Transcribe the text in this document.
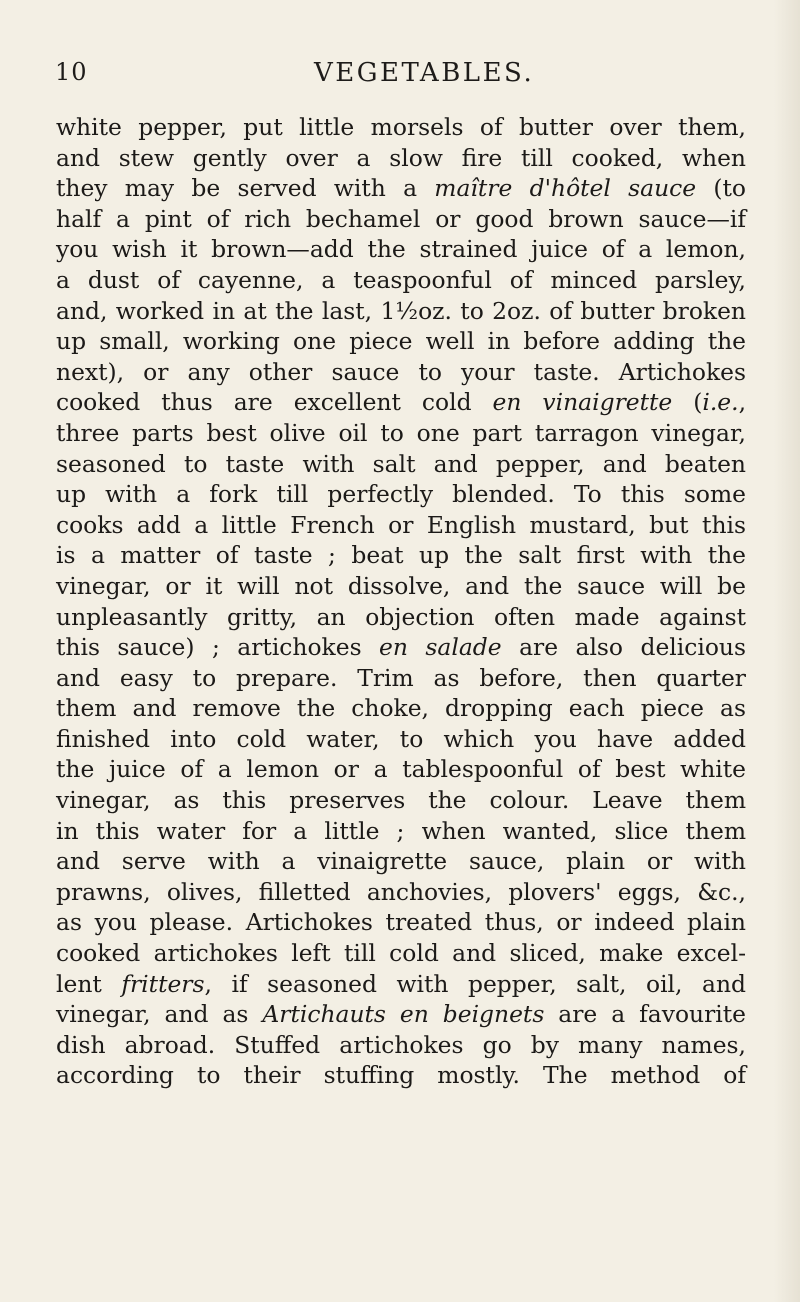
10	VEGETABLES.
white pepper, put little morsels of butter over them,
and stew gently over a slow fire till cooked, when
they may be served with a maître d'hôtel sauce (to
half a pint of rich bechamel or good brown sauce—if
you wish it brown—add the strained juice of a lemon,
a dust of cayenne, a teaspoonful of minced parsley,
and, worked in at the last, 1½oz. to 2oz. of butter broken
up small, working one piece well in before adding the
next), or any other sauce to your taste. Artichokes
cooked thus are excellent cold en vinaigrette (i.e.,
three parts best olive oil to one part tarragon vinegar,
seasoned to taste with salt and pepper, and beaten
up with a fork till perfectly blended. To this some
cooks add a little French or English mustard, but this
is a matter of taste ; beat up the salt first with the
vinegar, or it will not dissolve, and the sauce will be
unpleasantly gritty, an objection often made against
this sauce) ; artichokes en salade are also delicious
and easy to prepare. Trim as before, then quarter
them and remove the choke, dropping each piece as
finished into cold water, to which you have added
the juice of a lemon or a tablespoonful of best white
vinegar, as this preserves the colour. Leave them
in this water for a little ; when wanted, slice them
and serve with a vinaigrette sauce, plain or with
prawns, olives, filletted anchovies, plovers' eggs, &c.,
as you please. Artichokes treated thus, or indeed plain
cooked artichokes left till cold and sliced, make excel-
lent fritters, if seasoned with pepper, salt, oil, and
vinegar, and as Artichauts en beignets are a favourite
dish abroad. Stuffed artichokes go by many names,
according to their stuffing mostly. The method of
